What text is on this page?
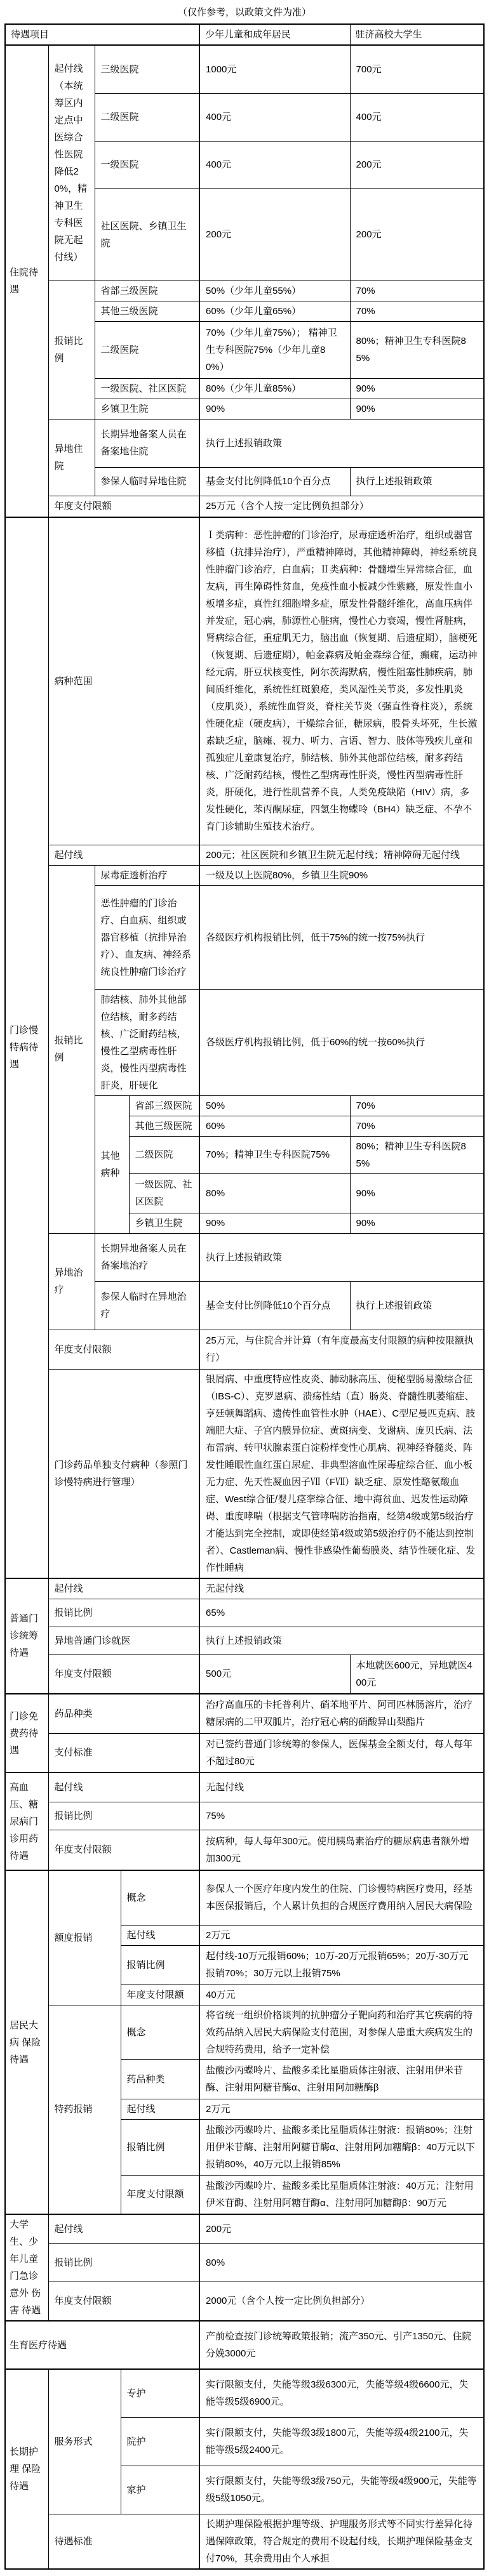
（仅作参考，以政策文件为准）
待遇项目					少年儿童和成年居民	驻济高校大学生
住院待遇	起付线（本统筹区内定点中医综合性医院降低20%，精神卫生专科医院无起付线）	三级医院			1000元	700元
		二级医院			400元	400元
		一级医院			400元	200元
		社区医院、乡镇卫生院			200元	200元
	报销比例	省部三级医院			50%（少年儿童55%）	70%
		其他三级医院			60%（少年儿童65%）	70%
		二级医院			70%（少年儿童75%）； 精神卫生专科医院75%（少年儿童80%）	80%；精神卫生专科医院85%
		一级医院、社区医院			80%（少年儿童85%）	90%
		乡镇卫生院			90%	90%
	异地住院	长期异地备案人员在备案地住院			执行上述报销政策	
		参保人临时异地住院			基金支付比例降低10个百分点	执行上述报销政策
	年度支付限额				25万元（含个人按一定比例负担部分）	
门诊慢特病待遇	病种范围				Ⅰ类病种：恶性肿瘤的门诊治疗，尿毒症透析治疗，组织或器官移植（抗排异治疗），严重精神障碍，其他精神障碍，神经系统良性肿瘤门诊治疗，白血病；Ⅱ类病种：骨髓增生异常综合征，血友病，再生障碍性贫血，免疫性血小板减少性紫癜，原发性血小板增多症，真性红细胞增多症，原发性骨髓纤维化，高血压病伴并发症，冠心病，肺源性心脏病，慢性心力衰竭，慢性肾脏病，肾病综合征，重症肌无力，脑出血（恢复期、后遗症期），脑梗死（恢复期、后遗症期），帕金森病及帕金森综合征，癫痫，运动神经元病，肝豆状核变性，阿尔茨海默病，慢性阻塞性肺疾病，肺间质纤维化，系统性红斑狼疮，类风湿性关节炎，多发性肌炎（皮肌炎），系统性血管炎，脊柱关节炎（强直性脊柱炎），系统性硬化症（硬皮病），干燥综合征，糖尿病，股骨头坏死，生长激素缺乏症，脑瘫、视力、听力、言语、智力、肢体等残疾儿童和孤独症儿童康复治疗，肺结核、肺外其他部位结核，耐多药结核、广泛耐药结核，慢性乙型病毒性肝炎，慢性丙型病毒性肝炎，肝硬化，进行性肌营养不良，人类免疫缺陷（HIV）病，多发性硬化，苯丙酮尿症，四氢生物蝶呤（BH4）缺乏症、不孕不育门诊辅助生殖技术治疗。	
	起付线				200元；社区医院和乡镇卫生院无起付线；精神障碍无起付线	
	报销比例	尿毒症透析治疗			一级及以上医院80%，乡镇卫生院90%	
		恶性肿瘤的门诊治疗、白血病、组织或器官移植（抗排异治疗）、血友病、神经系统良性肿瘤门诊治疗			各级医疗机构报销比例，低于75%的统一按75%执行	
		肺结核、肺外其他部位结核，耐多药结核、广泛耐药结核，慢性乙型病毒性肝炎，慢性丙型病毒性肝炎，肝硬化			各级医疗机构报销比例，低于60%的统一按60%执行	
		其他病种		省部三级医院	50%	70%
				其他三级医院	60%	70%
				二级医院	70%；精神卫生专科医院75%	80%；精神卫生专科医院85%
				一级医院、社区医院	80%	90%
				乡镇卫生院	90%	90%
	异地治疗	长期异地备案人员在备案地治疗			执行上述报销政策	
		参保人临时在异地治疗			基金支付比例降低10个百分点	执行上述报销政策
	年度支付限额				25万元，与住院合并计算（有年度最高支付限额的病种按限额执行）	
	门诊药品单独支付病种（参照门诊慢特病进行管理）				银屑病、中重度特应性皮炎、肺动脉高压、便秘型肠易激综合征（IBS-C）、克罗恩病、溃疡性结（直）肠炎、脊髓性肌萎缩症、亨廷顿舞蹈病、遗传性血管性水肿（HAE）、C型尼曼匹克病、肢端肥大症、子宫内膜异位症、黄斑病变、戈谢病、庞贝氏病、法布雷病、转甲状腺素蛋白淀粉样变性心肌病、视神经脊髓炎、阵发性睡眠性血红蛋白尿症、非典型溶血性尿毒症综合征、血小板无力症、先天性凝血因子Ⅶ（FⅦ）缺乏症、原发性酪氨酸血症、West综合征/婴儿痉挛综合征、地中海贫血、迟发性运动障碍、重度哮喘（根据支气管哮喘防治指南，经第4级或第5级治疗才能达到完全控制，或即使经第4级或第5级治疗仍不能达到控制者）、Castleman病、慢性非感染性葡萄膜炎、结节性硬化症、发作性睡病	
普通门诊统筹待遇	起付线				无起付线	
	报销比例				65%	
	异地普通门诊就医				执行上述报销政策	
	年度支付限额				500元	本地就医600元，异地就医400元
门诊免费药待遇	药品种类				治疗高血压的卡托普利片、硝苯地平片、阿司匹林肠溶片，治疗糖尿病的二甲双胍片，治疗冠心病的硝酸异山梨酯片	
	支付标准				对已签约普通门诊统筹的参保人，医保基金全额支付，每人每年不超过80元	
高血压、糖尿病门诊用药待遇	起付线				无起付线	
	报销比例				75%	
	年度支付限额				按病种，每人每年300元。使用胰岛素治疗的糖尿病患者额外增加300元	
居民大病 保险待遇	额度报销		概念		参保人一个医疗年度内发生的住院、门诊慢特病医疗费用，经基本医保报销后，个人累计负担的合规医疗费用纳入居民大病保险	
			起付线		2万元	
			报销比例		起付线-10万元报销60%；10万-20万元报销65%；20万-30万元报销70%；30万元以上报销75%	
			年度支付限额		40万元	
	特药报销		概念		将省统一组织价格谈判的抗肿瘤分子靶向药和治疗其它疾病的特效药品纳入居民大病保险支付范围，对参保人患重大疾病发生的合规特药费用，给予一定补偿	
			药品种类		盐酸沙丙蝶呤片、盐酸多柔比星脂质体注射液、注射用伊米苷酶、注射用阿糖苷酶α、注射用阿加糖酶β	
			起付线		2万元	
			报销比例		盐酸沙丙蝶呤片、盐酸多柔比星脂质体注射液：报销80%；注射用伊米苷酶、注射用阿糖苷酶α、注射用阿加糖酶β：40万元以下报销80%，40万元以上报销85%	
			年度支付限额		盐酸沙丙蝶呤片、盐酸多柔比星脂质体注射液：40万元；注射用伊米苷酶、注射用阿糖苷酶α、注射用阿加糖酶β：90万元	
大学生、少年儿童门急诊意外 伤害 待遇	起付线				200元	
	报销比例				80%	
	年度支付限额				2000元（含个人按一定比例负担部分）	
生育医疗待遇					产前检查按门诊统筹政策报销；流产350元、引产1350元、住院分娩3000元	
长期护理 保险待遇	服务形式		专护		实行限额支付，失能等级3级6300元，失能等级4级6600元，失能等级5级6900元。	
			院护		实行限额支付，失能等级3级1800元，失能等级4级2100元，失能等级5级2400元。	
			家护		实行限额支付，失能等级3级750元，失能等级4级900元，失能等级5级1050元。	
	待遇标准				长期护理保险根据护理等级、护理服务形式等不同实行差异化待遇保障政策，符合规定的费用不设起付线，长期护理保险基金支付70%，其余费用由个人承担	
